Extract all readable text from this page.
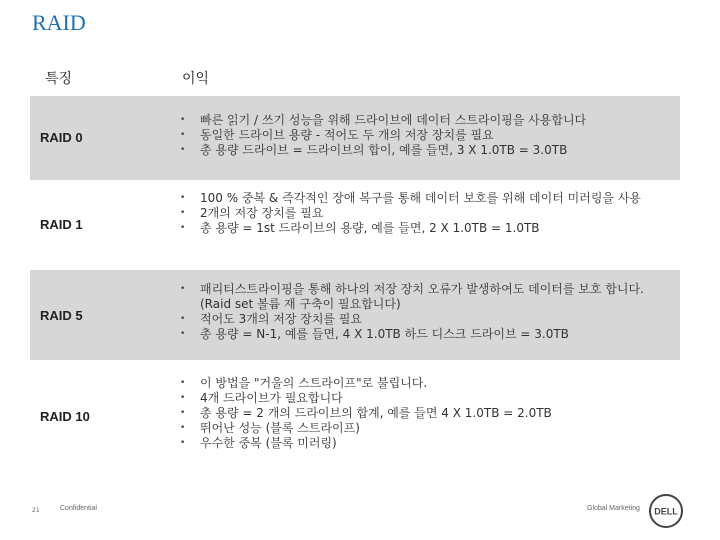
RAID
특징	이익
RAID 0
• 빠른 읽기 / 쓰기 성능을 위해 드라이브에 데이터 스트라이핑을 사용합니다
• 동일한 드라이브 용량 - 적어도 두 개의 저장 장치를 필요
• 총 용량 드라이브 = 드라이브의 합이, 예를 들면, 3 X 1.0TB = 3.0TB
RAID 1
• 100 % 중복 & 즉각적인 장애 복구를 통해 데이터 보호를 위해 데이터 미러링을 사용
• 2개의 저장 장치를 필요
• 총 용량 = 1st 드라이브의 용량, 예를 들면, 2 X 1.0TB = 1.0TB
RAID 5
• 패리티스트라이핑을 통해 하나의 저장 장치 오류가 발생하여도 데이터를 보호 합니다. (Raid set 볼륨 재 구축이 필요합니다)
• 적어도 3개의 저장 장치를 필요
• 총 용량 = N-1, 예를 들면, 4 X 1.0TB 하드 디스크 드라이브 = 3.0TB
RAID 10
• 이 방법을 "거울의 스트라이프"로 불립니다.
• 4개 드라이브가 필요합니다
• 총 용량 = 2 개의 드라이브의 합계, 예를 들면 4 X 1.0TB = 2.0TB
• 뛰어난 성능 (블록 스트라이프)
• 우수한 중복 (블록 미러링)
21	Confidential	Global Marketing DELL
